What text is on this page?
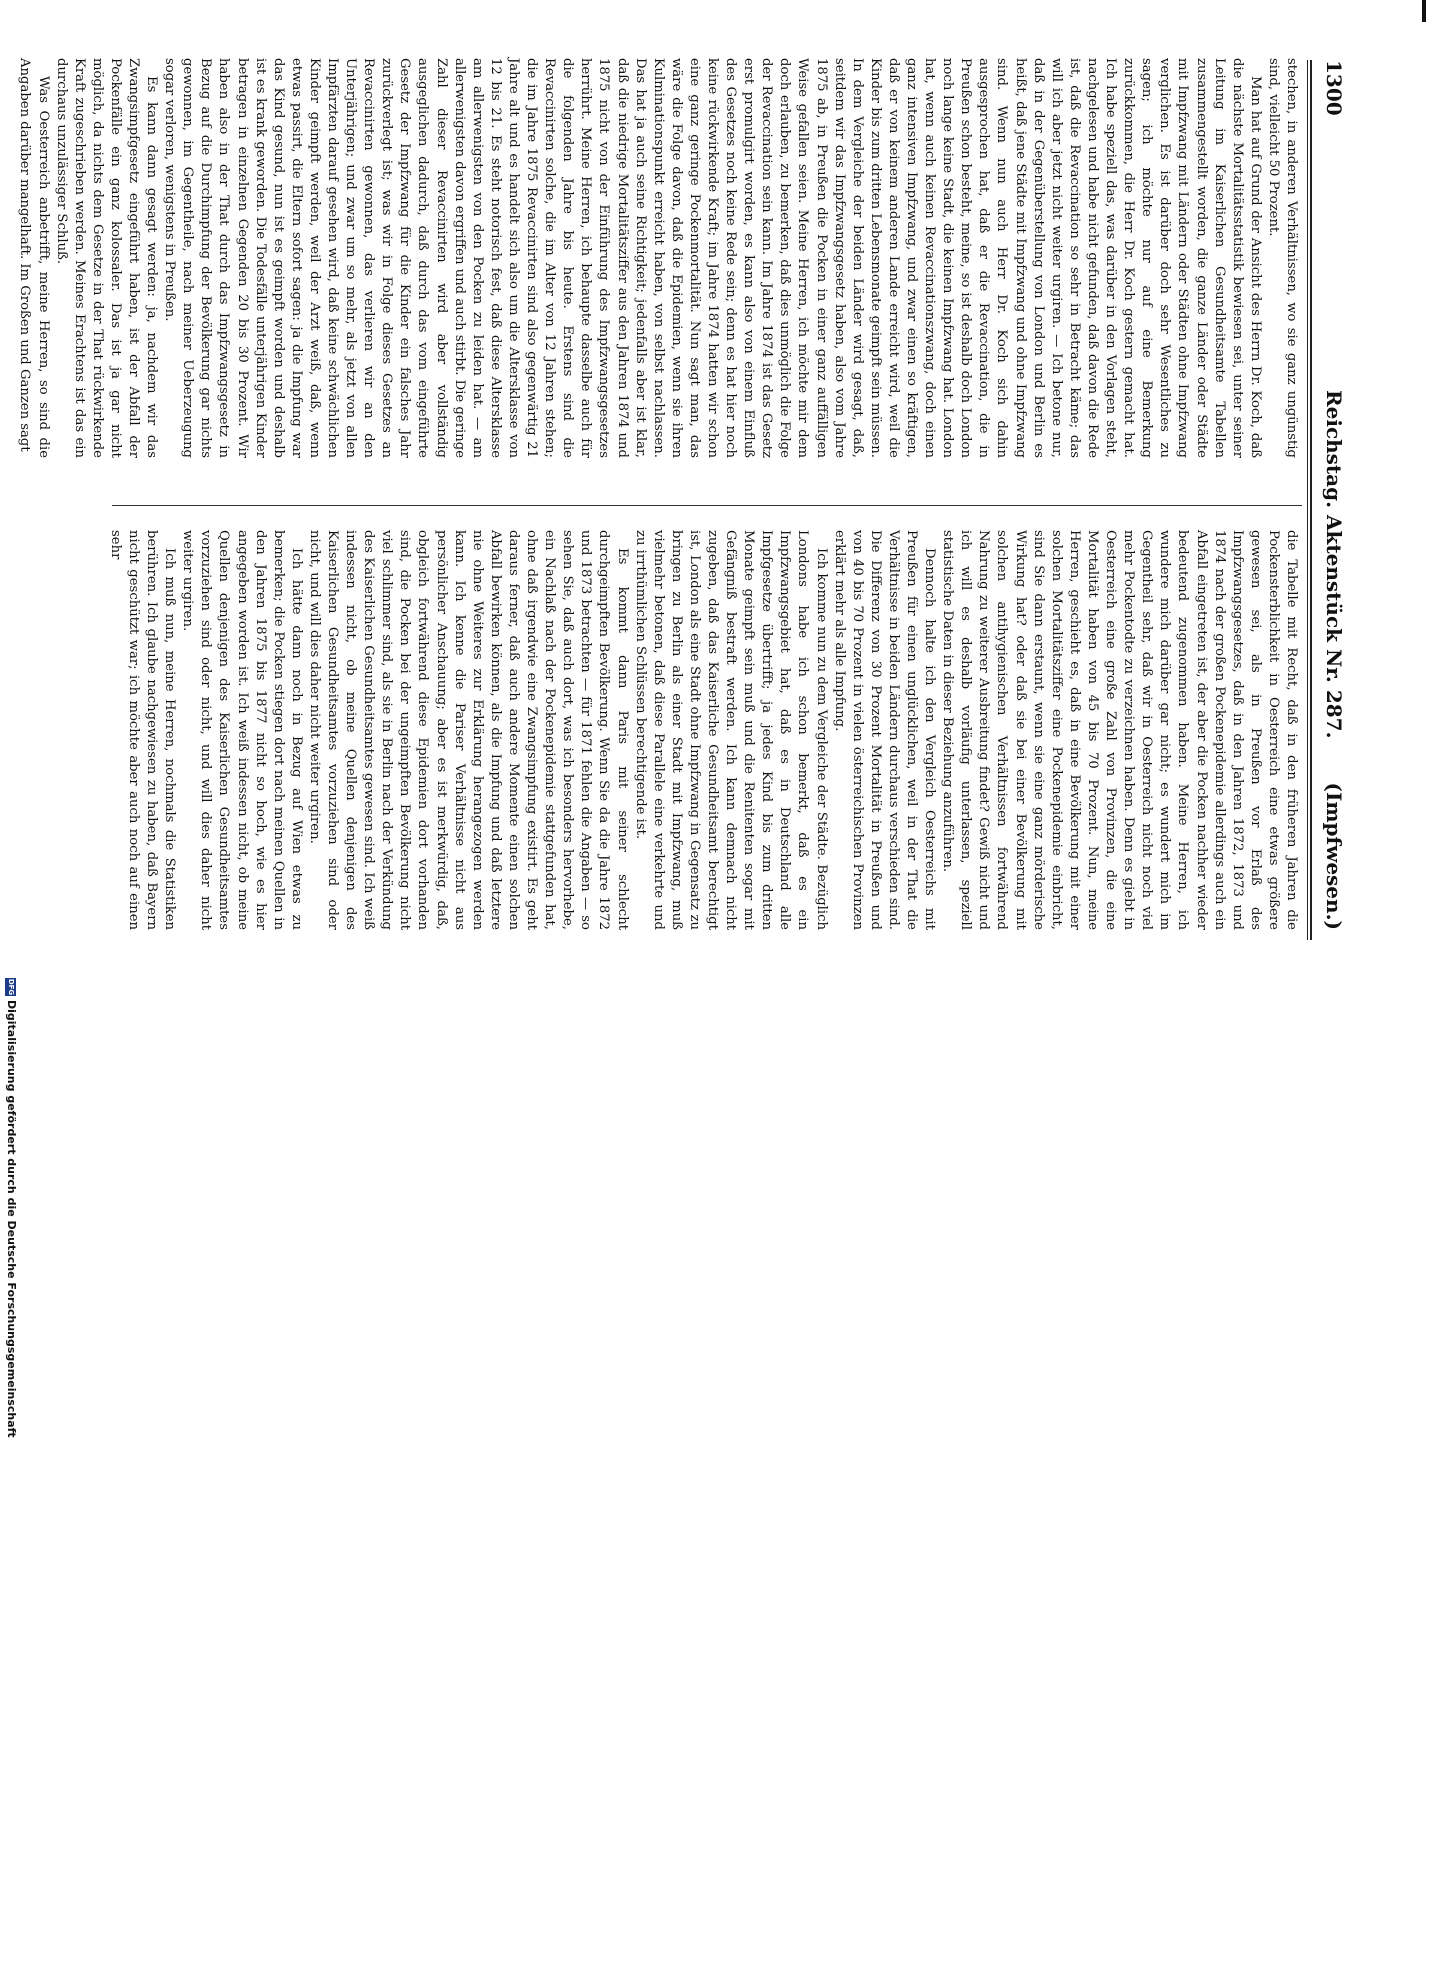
1300
Reichstag. Aktenstück Nr. 287.
(Impfwesen.)

stechen, in anderen Verhältnissen, wo sie ganz ungünstig sind, vielleicht 50 Prozent.

Man hat auf Grund der Ansicht des Herrn Dr. Koch, daß die nächste Mortalitätsstatistik bewiesen sei, unter seiner Leitung im Kaiserlichen Gesundheitsamte Tabellen zusammengestellt worden, die ganze Länder oder Städte mit Impfzwang mit Ländern oder Städten ohne Impfzwang verglichen. Es ist darüber doch sehr Wesentliches zu sagen; ich möchte nur auf eine Bemerkung zurückkommen, die Herr Dr. Koch gestern gemacht hat. Ich habe speziell das, was darüber in den Vorlagen steht, nachgelesen und habe nicht gefunden, daß davon die Rede ist, daß die Revaccination so sehr in Betracht käme; das will ich aber jetzt nicht weiter urgiren. — Ich betone nur, daß in der Gegenüberstellung von London und Berlin es heißt, daß jene Städte mit Impfzwang und ohne Impfzwang sind. Wenn nun auch Herr Dr. Koch sich dahin ausgesprochen hat, daß er die Revaccination, die in Preußen schon besteht, meine, so ist deshalb doch London noch lange keine Stadt, die keinen Impfzwang hat. London hat, wenn auch keinen Revaccinationszwang, doch einen ganz intensiven Impfzwang, und zwar einen so kräftigen, daß er von keinem anderen Lande erreicht wird, weil die Kinder bis zum dritten Lebensmonate geimpft sein müssen. In dem Vergleiche der beiden Länder wird gesagt, daß, seitdem wir das Impfzwangsgesetz haben, also vom Jahre 1875 ab, in Preußen die Pocken in einer ganz auffälligen Weise gefallen seien. Meine Herren, ich möchte mir dem doch erlauben, zu bemerken, daß dies unmöglich die Folge der Revaccination sein kann. Im Jahre 1874 ist das Gesetz erst promulgirt worden, es kann also von einem Einfluß des Gesetzes noch keine Rede sein; denn es hat hier noch keine rückwirkende Kraft; im Jahre 1874 hatten wir schon eine ganz geringe Pockenmortalität. Nun sagt man, das wäre die Folge davon, daß die Epidemien, wenn sie ihren Kulminationspunkt erreicht haben, von selbst nachlassen. Das hat ja auch seine Richtigkeit; jedenfalls aber ist klar, daß die niedrige Mortalitätsziffer aus den Jahren 1874 und 1875 nicht von der Einführung des Impfzwangsgesetzes herrührt. Meine Herren, ich behaupte dasselbe auch für die folgenden Jahre bis heute. Erstens sind die Revaccinirten solche, die im Alter von 12 Jahren stehen; die im Jahre 1875 Revaccinirten sind also gegenwärtig 21 Jahre alt und es handelt sich also um die Altersklasse von 12 bis 21. Es steht notorisch fest, daß diese Altersklasse am allerwenigsten von den Pocken zu leiden hat. — am allerwenigsten davon ergriffen und auch stirbt. Die geringe Zahl dieser Revaccinirten wird aber vollständig ausgeglichen dadurch, daß durch das vom eingeführte Gesetz der Impfzwang für die Kinder ein falsches Jahr zurückverlegt ist; was wir in Folge dieses Gesetzes an Revaccinirten gewonnen, das verlieren wir an den Unterjährigen; und zwar um so mehr, als jetzt von allen Impfärzten darauf gesehen wird, daß keine schwächlichen Kinder geimpft werden, weil der Arzt weiß, daß, wenn etwas passirt, die Eltern sofort sagen: ja die Impfung war das Kind gesund, nun ist es geimpft worden und deshalb ist es krank geworden. Die Todesfälle unterjährigen Kinder betragen in einzelnen Gegenden 20 bis 30 Prozent. Wir haben also in der That durch das Impfzwangsgesetz in Bezug auf die Durchimpfung der Bevölkerung gar nichts gewonnen, im Gegentheile, nach meiner Ueberzeugung sogar verloren, wenigstens in Preußen.

Es kann dann gesagt werden: ja, nachdem wir das Zwangsimpfgesetz eingeführt haben, ist der Abfall der Pockenfälle ein ganz kolossaler. Das ist ja gar nicht möglich, da nichts dem Gesetze in der That rückwirkende Kraft zugeschrieben werden. Meines Erachtens ist das ein durchaus unzulässiger Schluß.

Was Oesterreich anbetrifft, meine Herren, so sind die Angaben darüber mangelhaft. Im Großen und Ganzen sagt

die Tabelle mit Recht, daß in den früheren Jahren die Pockensterblichkeit in Oesterreich eine etwas größere gewesen sei, als in Preußen vor Erlaß des Impfzwangsgesetzes, daß in den Jahren 1872, 1873 und 1874 nach der großen Pockenepidemie allerdings auch ein Abfall eingetreten ist, der aber die Pocken nachher wieder bedeutend zugenommen haben. Meine Herren, ich wundere mich darüber gar nicht; es wundert mich im Gegentheil sehr, daß wir in Oesterreich nicht noch viel mehr Pockentodte zu verzeichnen haben. Denn es giebt in Oesterreich eine große Zahl von Provinzen, die eine Mortalität haben von 45 bis 70 Prozent. Nun, meine Herren, geschieht es, daß in eine Bevölkerung mit einer solchen Mortalitätsziffer eine Pockenepidemie einbricht, sind Sie dann erstaunt, wenn sie eine ganz mörderische Wirkung hat? oder daß sie bei einer Bevölkerung mit solchen antihygienischen Verhältnissen fortwährend Nahrung zu weiterer Ausbreitung findet? Gewiß nicht und ich will es deshalb vorläufig unterlassen, speziell statistische Daten in dieser Beziehung anzuführen.

Dennoch halte ich den Vergleich Oesterreichs mit Preußen für einen unglücklichen, weil in der That die Verhältnisse in beiden Ländern durchaus verschieden sind. Die Differenz von 30 Prozent Mortalität in Preußen und von 40 bis 70 Prozent in vielen österreichischen Provinzen erklärt mehr als alle Impfung.

Ich komme nun zu dem Vergleiche der Städte. Bezüglich Londons habe ich schon bemerkt, daß es ein Impfzwangsgebiet hat, daß es in Deutschland alle Impfgesetze übertrifft; ja jedes Kind bis zum dritten Monate geimpft sein muß und die Renitenten sogar mit Gefängniß bestraft werden. Ich kann demnach nicht zugeben, daß das Kaiserliche Gesundheitsamt berechtigt ist, London als eine Stadt ohne Impfzwang in Gegensatz zu bringen zu Berlin als einer Stadt mit Impfzwang, muß vielmehr betonen, daß diese Parallele eine verkehrte und zu irrthümlichen Schlüssen berechtigende ist.

Es kommt dann Paris mit seiner schlecht durchgeimpften Bevölkerung. Wenn Sie da die Jahre 1872 und 1873 betrachten — für 1871 fehlen die Angaben — so sehen Sie, daß auch dort, was ich besonders hervorhebe, ein Nachlaß nach der Pockenepidemie stattgefunden hat, ohne daß irgendwie eine Zwangsimpfung existirt. Es geht daraus ferner, daß auch andere Momente einen solchen Abfall bewirken können, als die Impfung und daß letztere nie ohne Weiteres zur Erklärung herangezogen werden kann. Ich kenne die Pariser Verhältnisse nicht aus persönlicher Anschauung; aber es ist merkwürdig, daß, obgleich fortwährend diese Epidemien dort vorhanden sind, die Pocken bei der ungeimpften Bevölkerung nicht viel schlimmer sind, als sie in Berlin nach der Verkündung des Kaiserlichen Gesundheitsamtes gewesen sind. Ich weiß indessen nicht, ob meine Quellen denjenigen des Kaiserlichen Gesundheitsamtes vorzuziehen sind oder nicht, und will dies daher nicht weiter urgiren.

Ich hätte dann noch in Bezug auf Wien etwas zu bemerken; die Pocken stiegen dort nach meinen Quellen in den Jahren 1875 bis 1877 nicht so hoch, wie es hier angegeben worden ist. Ich weiß indessen nicht, ob meine Quellen denjenigen des Kaiserlichen Gesundheitsamtes vorzuziehen sind oder nicht, und will dies daher nicht weiter urgiren.

Ich muß nun, meine Herren, nochmals die Statistiken berühren. Ich glaube nachgewiesen zu haben, daß Bayern nicht geschützt war; ich möchte aber auch noch auf einen sehr

DFGDigitalisierung gefördert durch die Deutsche Forschungsgemeinschaft
